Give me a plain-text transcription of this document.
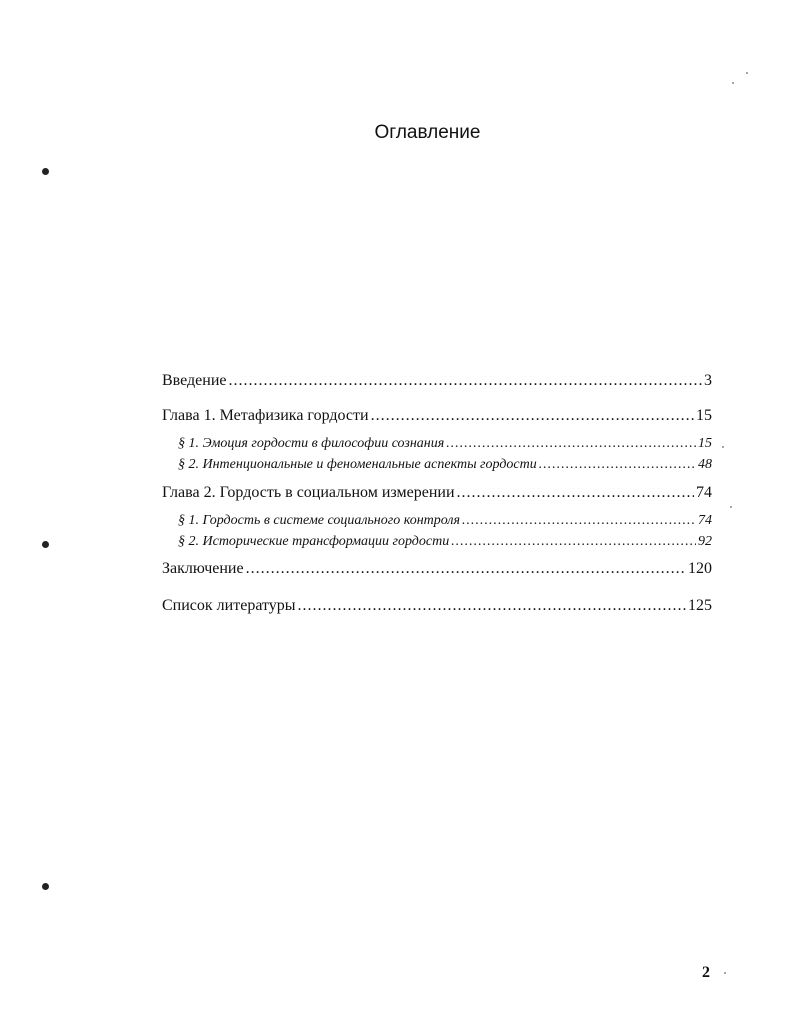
Оглавление
Введение .....	3
Глава 1. Метафизика гордости .....	15
§ 1. Эмоция гордости в философии сознания .....	15
§ 2. Интенциональные и феноменальные аспекты гордости .....	48
Глава 2. Гордость в социальном измерении .....	74
§ 1. Гордость в системе социального контроля .....	74
§ 2. Исторические трансформации гордости .....	92
Заключение .....	120
Список литературы .....	125
2
